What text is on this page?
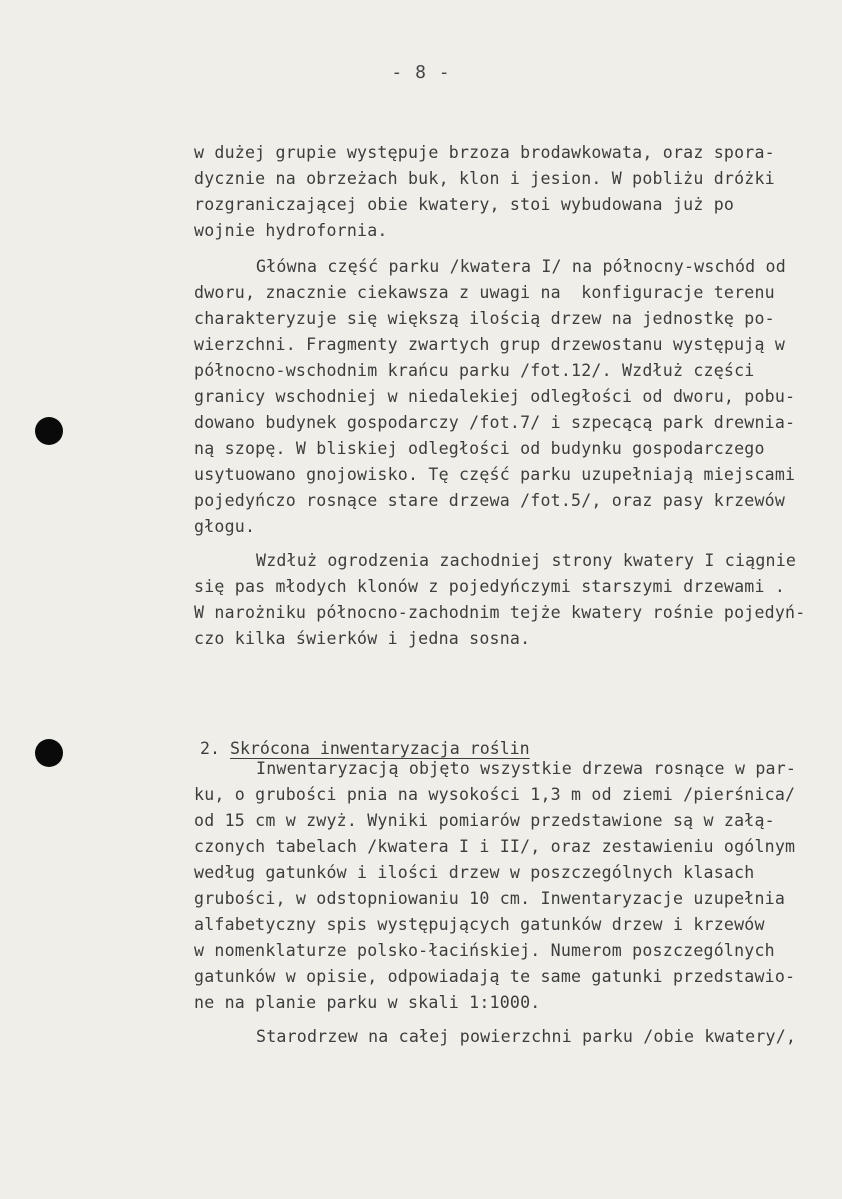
- 8 -
w dużej grupie występuje brzoza brodawkowata, oraz spora-
dycznie na obrzeżach buk, klon i jesion. W pobliżu dróżki
rozgraniczającej obie kwatery, stoi wybudowana już po
wojnie hydrofornia.
Główna część parku /kwatera I/ na północny-wschód od
dworu, znacznie ciekawsza z uwagi na  konfiguracje terenu
charakteryzuje się większą ilością drzew na jednostkę po-
wierzchni. Fragmenty zwartych grup drzewostanu występują w
północno-wschodnim krańcu parku /fot.12/. Wzdłuż części
granicy wschodniej w niedalekiej odległości od dworu, pobu-
dowano budynek gospodarczy /fot.7/ i szpecącą park drewnia-
ną szopę. W bliskiej odległości od budynku gospodarczego
usytuowano gnojowisko. Tę część parku uzupełniają miejscami
pojedyńczo rosnące stare drzewa /fot.5/, oraz pasy krzewów
głogu.
Wzdłuż ogrodzenia zachodniej strony kwatery I ciągnie
się pas młodych klonów z pojedyńczymi starszymi drzewami .
W narożniku północno-zachodnim tejże kwatery rośnie pojedyń-
czo kilka świerków i jedna sosna.

2. Skrócona inwentaryzacja roślin

Inwentaryzacją objęto wszystkie drzewa rosnące w par-
ku, o grubości pnia na wysokości 1,3 m od ziemi /pierśnica/
od 15 cm w zwyż. Wyniki pomiarów przedstawione są w załą-
czonych tabelach /kwatera I i II/, oraz zestawieniu ogólnym
według gatunków i ilości drzew w poszczególnych klasach
grubości, w odstopniowaniu 10 cm. Inwentaryzacje uzupełnia
alfabetyczny spis występujących gatunków drzew i krzewów
w nomenklaturze polsko-łacińskiej. Numerom poszczególnych
gatunków w opisie, odpowiadają te same gatunki przedstawio-
ne na planie parku w skali 1:1000.
Starodrzew na całej powierzchni parku /obie kwatery/,
